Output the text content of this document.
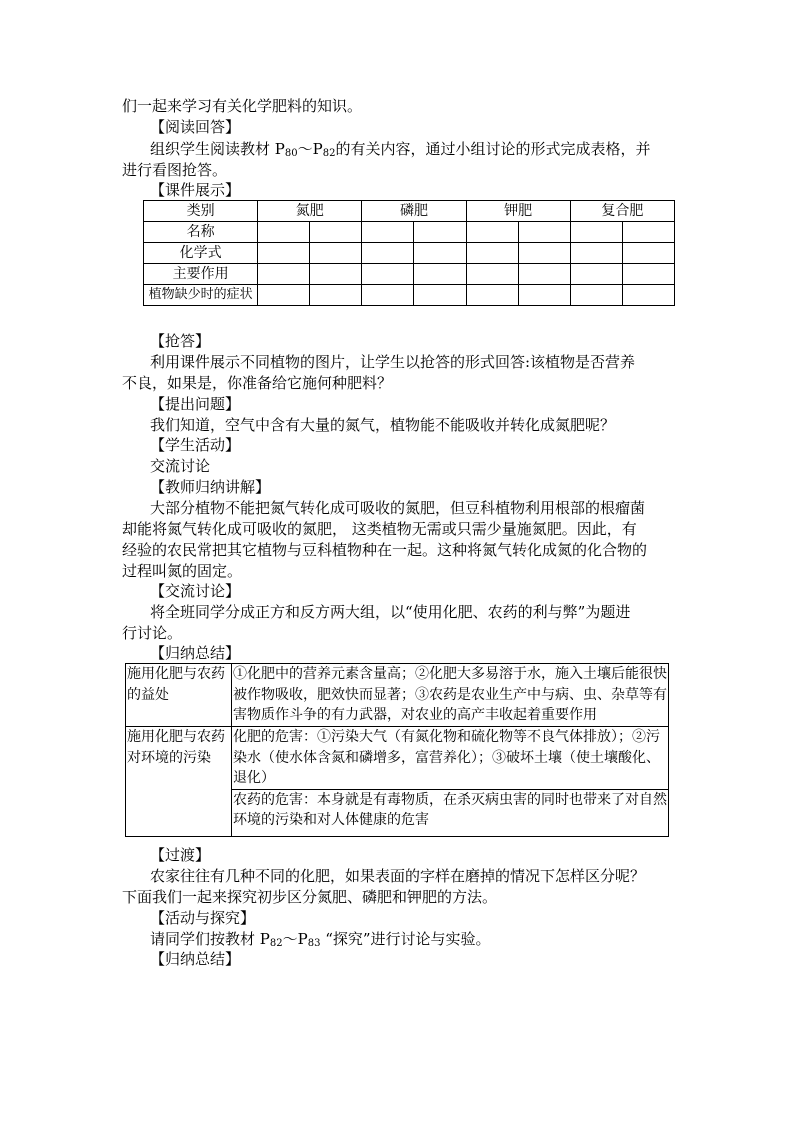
们一起来学习有关化学肥料的知识。
【阅读回答】
组织学生阅读教材 $P_{80}\sim P_{82}$的有关内容，通过小组讨论的形式完成表格，并
进行看图抢答。
【课件展示】
类别	氮肥		磷肥		钾肥		复合肥	
名称								
化学式								
主要作用								
植物缺少时的症状								
【抢答】
利用课件展示不同植物的图片，让学生以抢答的形式回答:该植物是否营养
不良，如果是，你准备给它施何种肥料？
【提出问题】
我们知道，空气中含有大量的氮气，植物能不能吸收并转化成氮肥呢？
【学生活动】
交流讨论
【教师归纳讲解】
大部分植物不能把氮气转化成可吸收的氮肥，但豆科植物利用根部的根瘤菌
却能将氮气转化成可吸收的氮肥， 这类植物无需或只需少量施氮肥。因此，有
经验的农民常把其它植物与豆科植物种在一起。这种将氮气转化成氮的化合物的
过程叫氮的固定。
【交流讨论】
将全班同学分成正方和反方两大组，以“使用化肥、农药的利与弊”为题进
行讨论。
【归纳总结】
施用化肥与农药的益处	①化肥中的营养元素含量高；②化肥大多易溶于水，施入土壤后能很快被作物吸收，肥效快而显著；③农药是农业生产中与病、虫、杂草等有害物质作斗争的有力武器，对农业的高产丰收起着重要作用
施用化肥与农药对环境的污染	化肥的危害：①污染大气（有氮化物和硫化物等不良气体排放）；②污染水（使水体含氮和磷增多，富营养化）；③破坏土壤（使土壤酸化、退化）
	农药的危害：本身就是有毒物质，在杀灭病虫害的同时也带来了对自然环境的污染和对人体健康的危害
【过渡】
农家往往有几种不同的化肥，如果表面的字样在磨掉的情况下怎样区分呢？
下面我们一起来探究初步区分氮肥、磷肥和钾肥的方法。
【活动与探究】
请同学们按教材 $P_{82}\sim P_{83}$ “探究”进行讨论与实验。
【归纳总结】
